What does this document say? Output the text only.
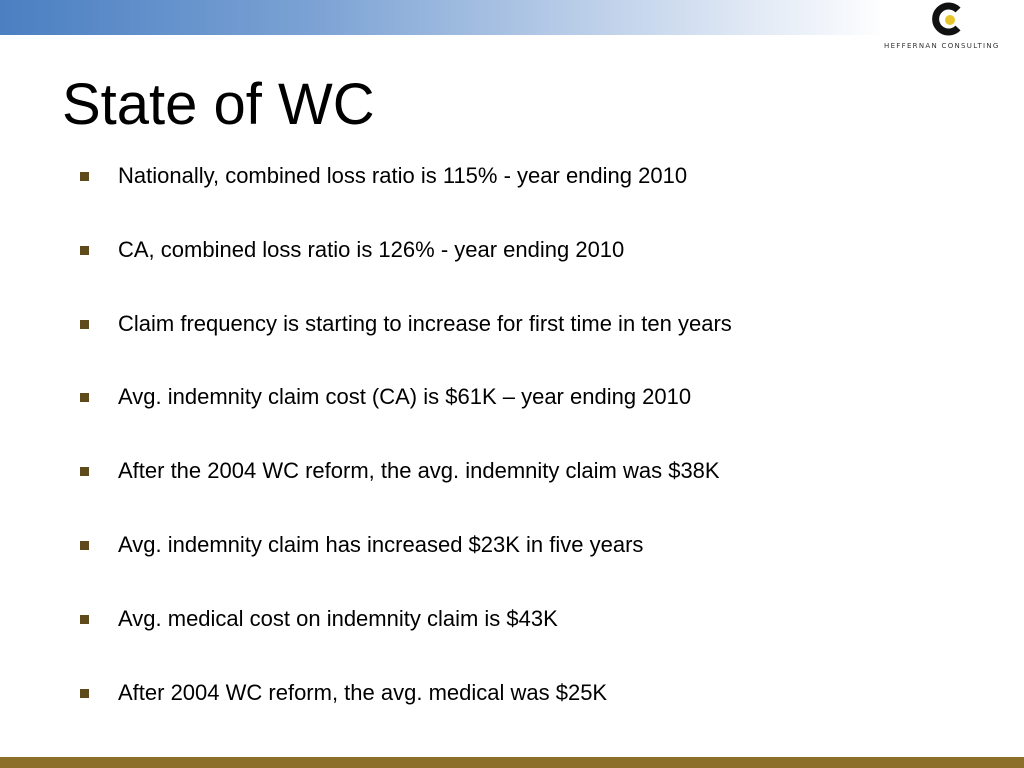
HEFFERNAN CONSULTING
State of WC
Nationally, combined loss ratio is 115% - year ending 2010
CA, combined loss ratio is 126% - year ending 2010
Claim frequency is starting to increase for first time in ten years
Avg. indemnity claim cost (CA) is $61K – year ending 2010
After the 2004 WC reform, the avg. indemnity claim was $38K
Avg. indemnity claim has increased $23K in five years
Avg. medical cost on indemnity claim is $43K
After 2004 WC reform, the avg. medical was $25K
